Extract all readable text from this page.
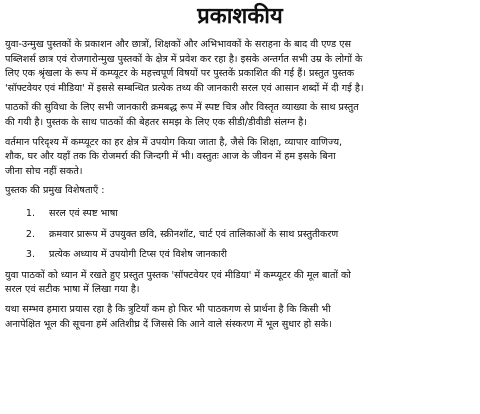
प्रकाशकीय
युवा-उन्मुख पुस्तकों के प्रकाशन और छात्रों, शिक्षकों और अभिभावकों के सराहना के बाद वी एण्ड एस
पब्लिशर्स छात्र एवं रोजगारोन्मुख पुस्तकों के क्षेत्र में प्रवेश कर रहा है। इसके अन्तर्गत सभी उम्र के लोगों के
लिए एक श्रृंखला के रूप में कम्प्यूटर के महत्त्वपूर्ण विषयों पर पुस्तकें प्रकाशित की गई हैं। प्रस्तुत पुस्तक
'सॉफ्टवेयर एवं मीडिया' में इससे सम्बन्धित प्रत्येक तथ्य की जानकारी सरल एवं आसान शब्दों में दी गई है।
पाठकों की सुविधा के लिए सभी जानकारी क्रमबद्ध रूप में स्पष्ट चित्र और विस्तृत व्याख्या के साथ प्रस्तुत
की गयी है। पुस्तक के साथ पाठकों की बेहतर समझ के लिए एक सीडी/डीवीडी संलग्न है।
वर्तमान परिदृश्य में कम्प्यूटर का हर क्षेत्र में उपयोग किया जाता है, जैसे कि शिक्षा, व्यापार वाणिज्य,
शौक, घर और यहाँ तक कि रोजमर्रा की जिन्दगी में भी। वस्तुतः आज के जीवन में हम इसके बिना
जीना सोच नहीं सकते।
पुस्तक की प्रमुख विशेषताएँ :
1.	सरल एवं स्पष्ट भाषा
2.	क्रमवार प्रारूप में उपयुक्त छवि, स्क्रीनशॉट, चार्ट एवं तालिकाओं के साथ प्रस्तुतीकरण
3.	प्रत्येक अध्याय में उपयोगी टिप्स एवं विशेष जानकारी
युवा पाठकों को ध्यान में रखते हुए प्रस्तुत पुस्तक 'सॉफ्टवेयर एवं मीडिया' में कम्प्यूटर की मूल बातों को
सरल एवं सटीक भाषा में लिखा गया है।
यथा सम्भव हमारा प्रयास रहा है कि त्रुटियाँ कम हो फिर भी पाठकगण से प्रार्थना है कि किसी भी
अनापेक्षित भूल की सूचना हमें अतिशीघ्र दें जिससे कि आने वाले संस्करण में भूल सुधार हो सके।
